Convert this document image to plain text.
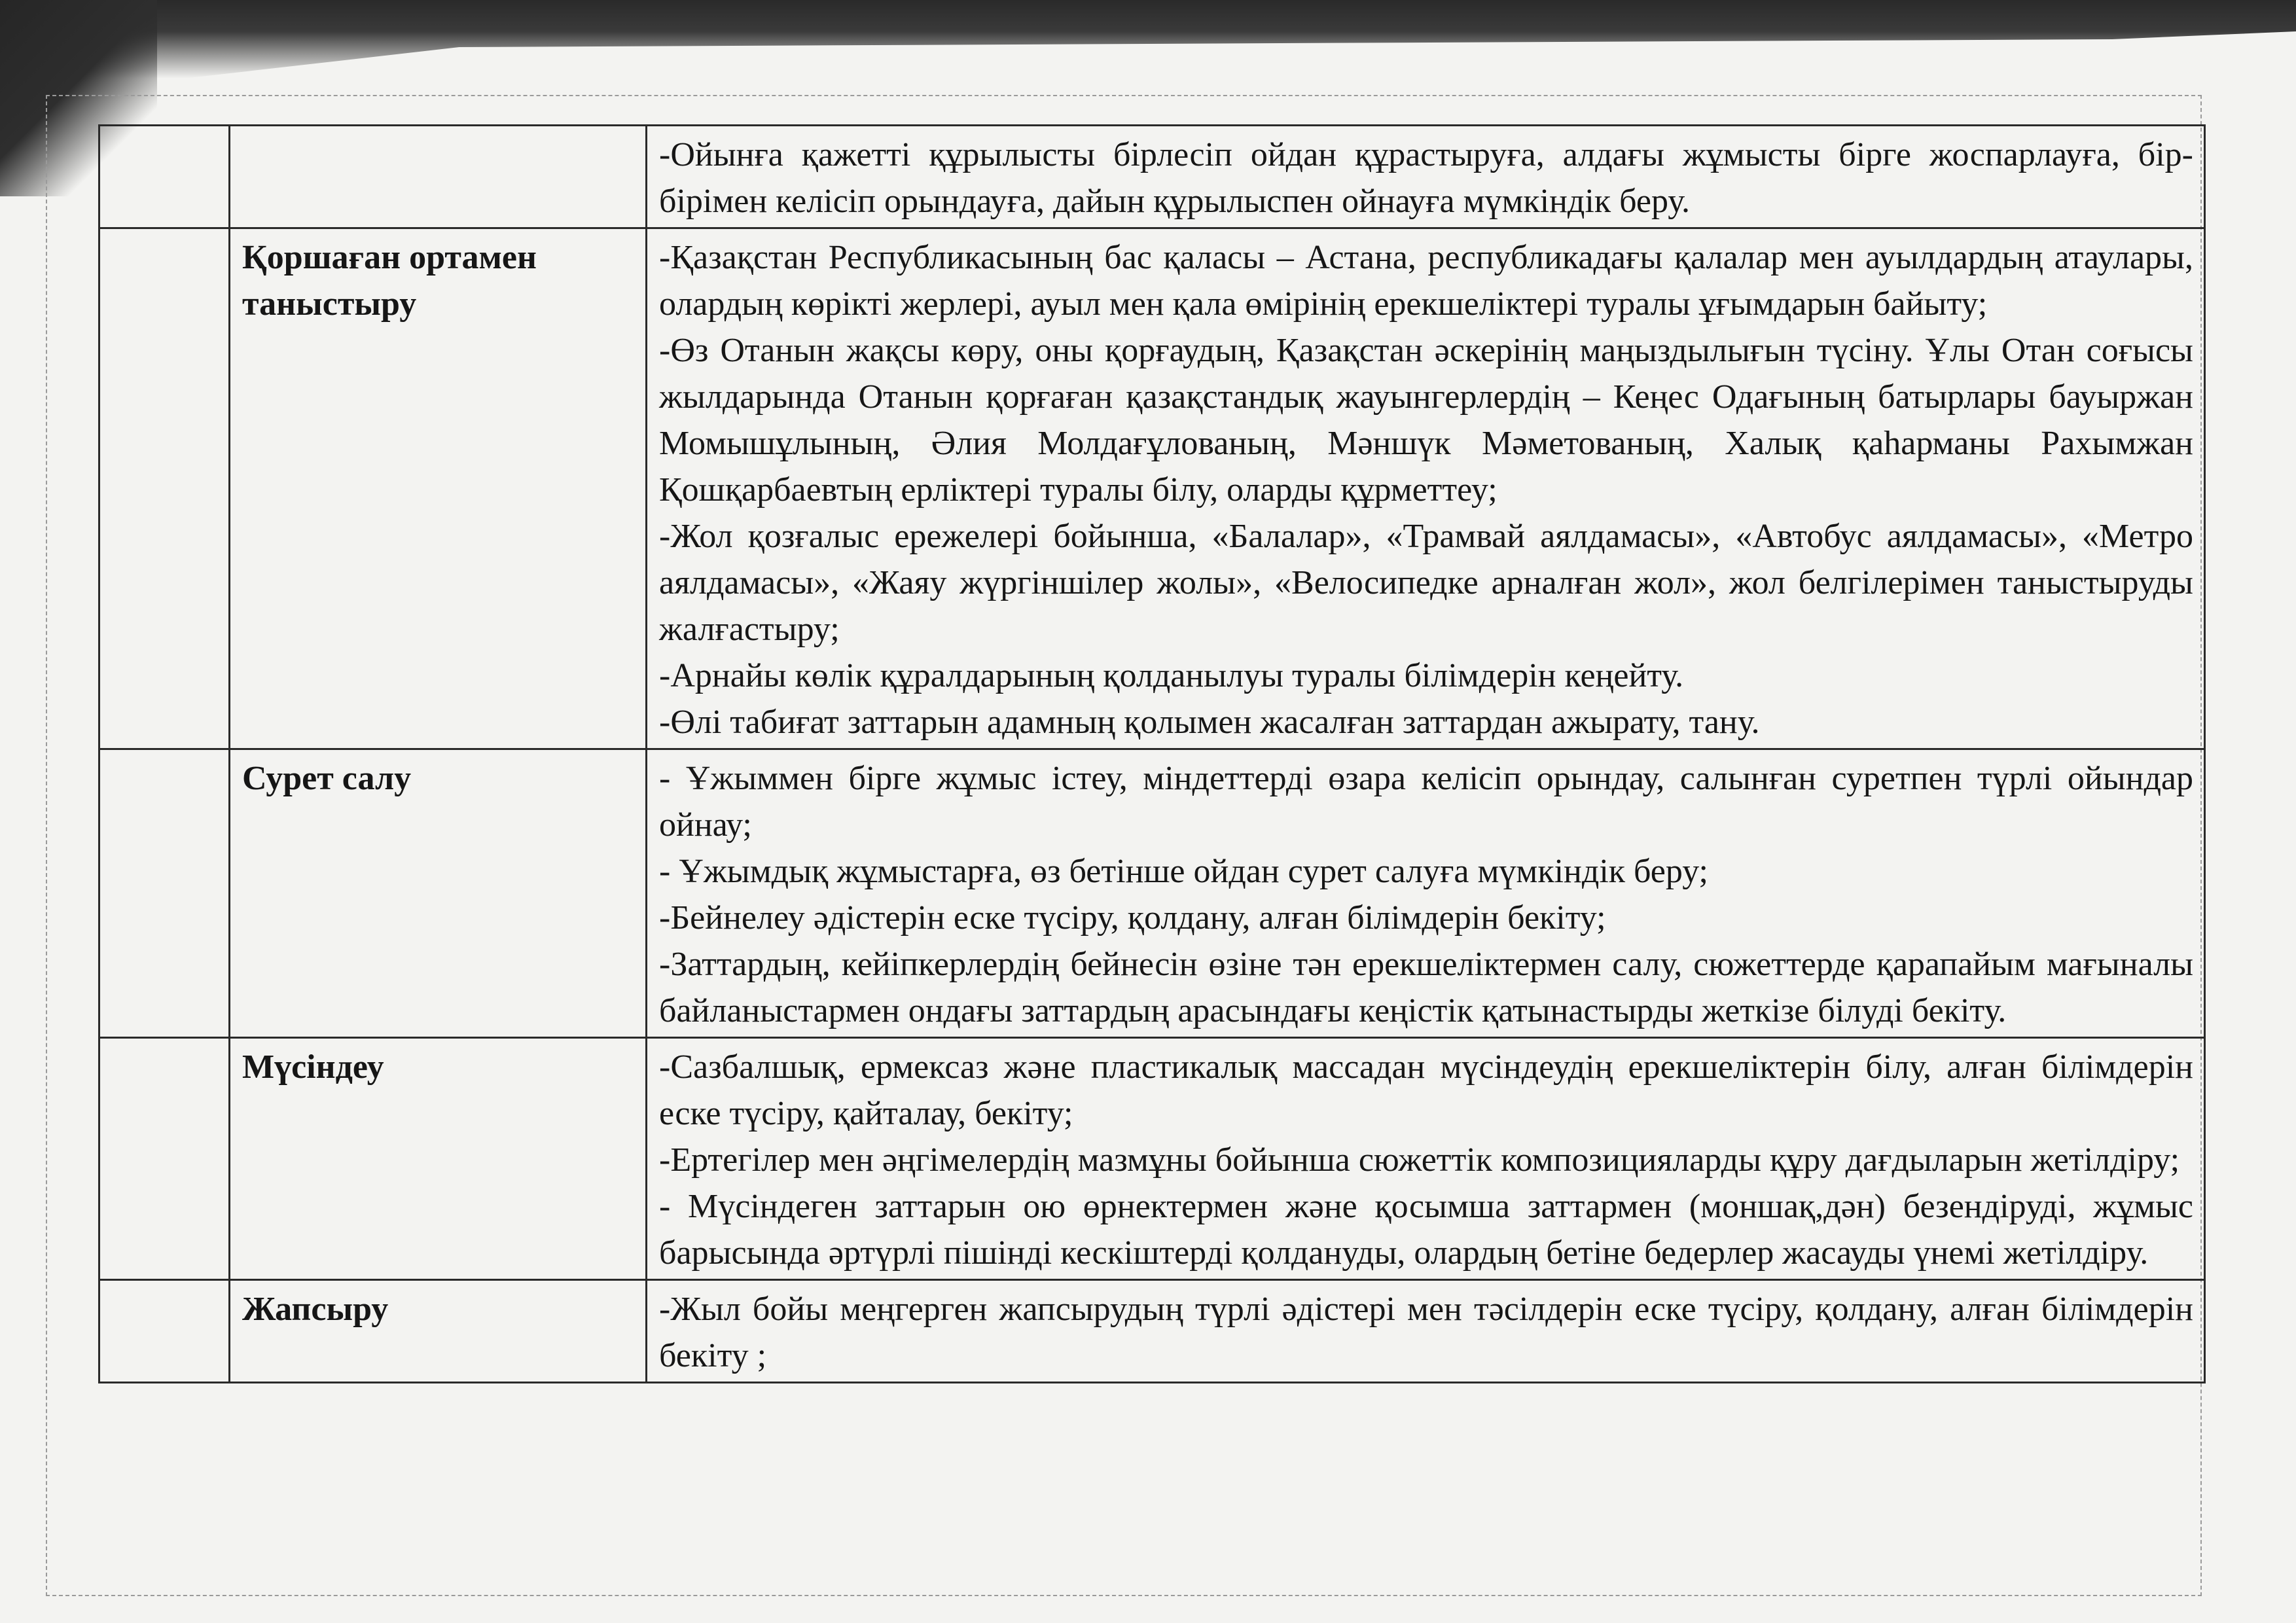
		-Ойынға қажетті құрылысты бірлесіп ойдан құрастыруға, алдағы жұмысты бірге жоспарлауға, бір-бірімен келісіп орындауға, дайын құрылыспен ойнауға мүмкіндік беру.

	Қоршаған ортамен таныстыру	-Қазақстан Республикасының бас қаласы – Астана, республикадағы қалалар мен ауылдардың атаулары, олардың көрікті жерлері, ауыл мен қала өмірінің ерекшеліктері туралы ұғымдарын байыту;

-Өз Отанын жақсы көру, оны қорғаудың, Қазақстан әскерінің маңыздылығын түсіну. Ұлы Отан соғысы жылдарында Отанын қорғаған қазақстандық жауынгерлердің – Кеңес Одағының батырлары бауыржан Момышұлының, Әлия Молдағұлованың, Мәншүк Мәметованың, Халық қаһарманы Рахымжан Қошқарбаевтың ерліктері туралы білу, оларды құрметтеу;

-Жол қозғалыс ережелері бойынша, «Балалар», «Трамвай аялдамасы», «Автобус аялдамасы», «Метро аялдамасы», «Жаяу жүргіншілер жолы», «Велосипедке арналған жол», жол белгілерімен таныстыруды жалғастыру;

-Арнайы көлік құралдарының қолданылуы туралы білімдерін кеңейту.

-Өлі табиғат заттарын адамның қолымен жасалған заттардан ажырату, тану.

	Сурет салу	- Ұжыммен бірге жұмыс істеу, міндеттерді өзара келісіп орындау, салынған суретпен түрлі ойындар ойнау;

- Ұжымдық жұмыстарға, өз бетінше ойдан сурет салуға мүмкіндік беру;

-Бейнелеу әдістерін еске түсіру, қолдану, алған білімдерін бекіту;

-Заттардың, кейіпкерлердің бейнесін өзіне тән ерекшеліктермен салу, сюжеттерде қарапайым мағыналы байланыстармен ондағы заттардың арасындағы кеңістік қатынастырды жеткізе білуді бекіту.

	Мүсіндеу	-Сазбалшық, ермексаз және пластикалық массадан мүсіндеудің ерекшеліктерін білу, алған білімдерін еске түсіру, қайталау, бекіту;

-Ертегілер мен әңгімелердің мазмұны бойынша сюжеттік композицияларды құру дағдыларын жетілдіру;

- Мүсіндеген заттарын ою өрнектермен және қосымша заттармен (моншақ,дән) безендіруді, жұмыс барысында әртүрлі пішінді кескіштерді қолдануды, олардың бетіне бедерлер жасауды үнемі жетілдіру.

	Жапсыру	-Жыл бойы меңгерген жапсырудың түрлі әдістері мен тәсілдерін еске түсіру, қолдану, алған білімдерін бекіту ;
